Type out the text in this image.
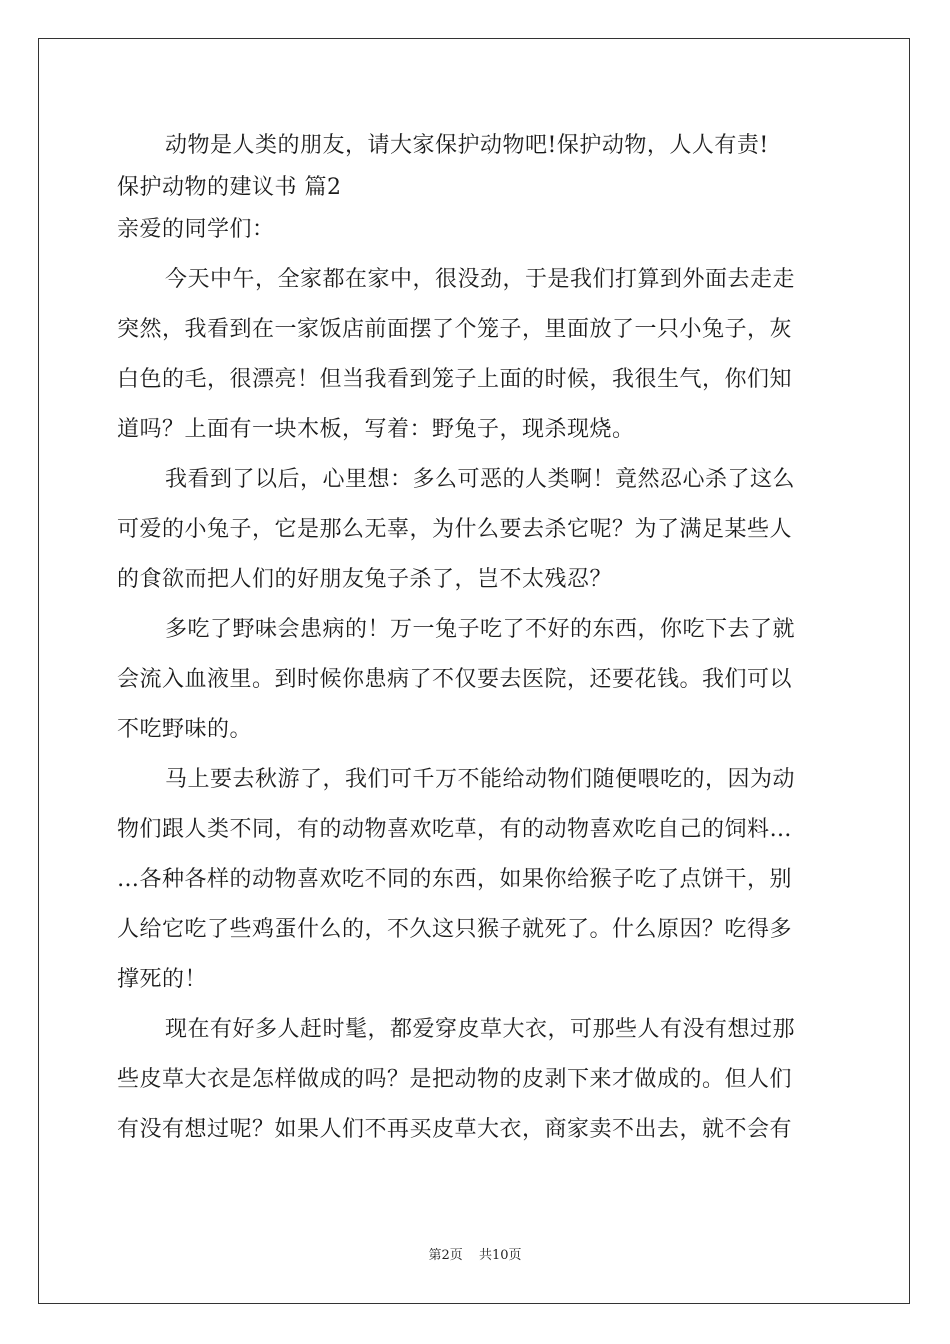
动物是人类的朋友，请大家保护动物吧!保护动物，人人有责!
保护动物的建议书 篇2
亲爱的同学们：
今天中午，全家都在家中，很没劲，于是我们打算到外面去走走
突然，我看到在一家饭店前面摆了个笼子，里面放了一只小兔子，灰
白色的毛，很漂亮！但当我看到笼子上面的时候，我很生气，你们知
道吗？上面有一块木板，写着：野兔子，现杀现烧。
我看到了以后，心里想：多么可恶的人类啊！竟然忍心杀了这么
可爱的小兔子，它是那么无辜，为什么要去杀它呢？为了满足某些人
的食欲而把人们的好朋友兔子杀了，岂不太残忍？
多吃了野味会患病的！万一兔子吃了不好的东西，你吃下去了就
会流入血液里。到时候你患病了不仅要去医院，还要花钱。我们可以
不吃野味的。
马上要去秋游了，我们可千万不能给动物们随便喂吃的，因为动
物们跟人类不同，有的动物喜欢吃草，有的动物喜欢吃自己的饲料…
…各种各样的动物喜欢吃不同的东西，如果你给猴子吃了点饼干，别
人给它吃了些鸡蛋什么的，不久这只猴子就死了。什么原因？吃得多
撑死的！
现在有好多人赶时髦，都爱穿皮草大衣，可那些人有没有想过那
些皮草大衣是怎样做成的吗？是把动物的皮剥下来才做成的。但人们
有没有想过呢？如果人们不再买皮草大衣，商家卖不出去，就不会有
第2页 共10页
